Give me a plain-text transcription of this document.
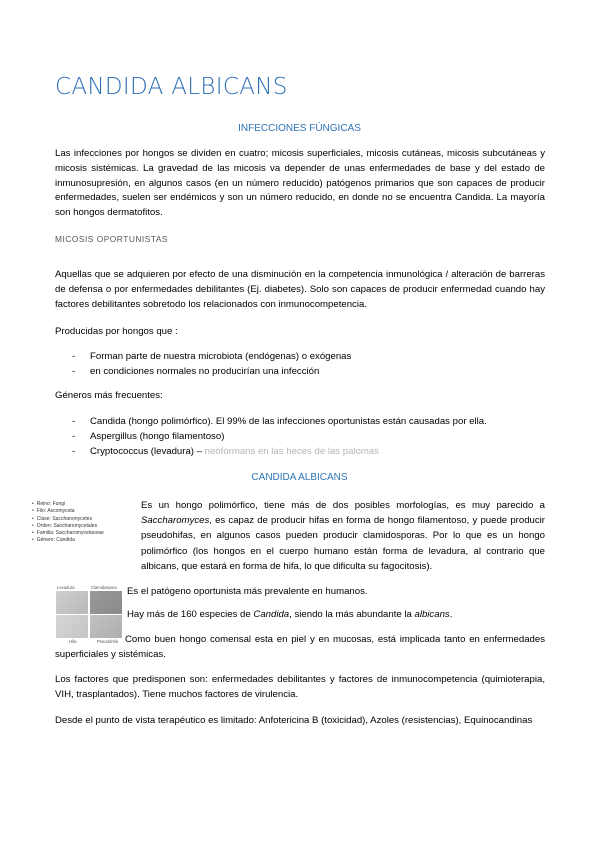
CANDIDA ALBICANS
INFECCIONES FÚNGICAS

Las infecciones por hongos se dividen en cuatro; micosis superficiales, micosis cutáneas, micosis subcutáneas y micosis sistémicas. La gravedad de las micosis va depender de unas enfermedades de base y del estado de inmunosupresión, en algunos casos (en un número reducido) patógenos primarios que son capaces de producir enfermedades, suelen ser endémicos y son un número reducido, en donde no se encuentra Candida. La mayoría son hongos dermatofitos.

MICOSIS OPORTUNISTAS

Aquellas que se adquieren por efecto de una disminución en la competencia inmunológica / alteración de barreras de defensa o por enfermedades debilitantes (Ej. diabetes). Solo son capaces de producir enfermedad cuando hay factores debilitantes sobretodo los relacionados con inmunocompetencia.

Producidas por hongos que :
-	Forman parte de nuestra microbiota (endógenas) o exógenas
-	en condiciones normales no producirían una infección
Géneros más frecuentes:
-	Candida (hongo polimórfico). El 99% de las infecciones oportunistas están causadas por ella.
-	Aspergillus (hongo filamentoso)
-	Cryptococcus (levadura) – neoformans en las heces de las palomas
CANDIDA ALBICANS
• Reino: Fungi
• Filo: Ascomycota
• Clase: Saccharomycetes
• Orden: Saccharomycetales
• Familia: Saccharomycetaceae
• Género: Candida

Es un hongo polimórfico, tiene más de dos posibles morfologías, es muy parecido a Saccharomyces, es capaz de producir hifas en forma de hongo filamentoso, y puede producir pseudohifas, en algunos casos pueden producir clamidosporas. Por lo que es un hongo polimórfico (los hongos en el cuerpo humano están forma de levadura, al contrario que albicans, que estará en forma de hifa, lo que dificulta su fagocitosis).

Levadura	Clamidospora
Hifa	Pseudohifa

Es el patógeno oportunista más prevalente en humanos.

Hay más de 160 especies de Candida, siendo la más abundante la albicans.

Como buen hongo comensal esta en piel y en mucosas, está implicada tanto en enfermedades superficiales y sistémicas.

Los factores que predisponen son: enfermedades debilitantes y factores de inmunocompetencia (quimioterapia, VIH, trasplantados). Tiene muchos factores de virulencia.

Desde el punto de vista terapéutico es limitado: Anfotericina B (toxicidad), Azoles (resistencias), Equinocandinas
